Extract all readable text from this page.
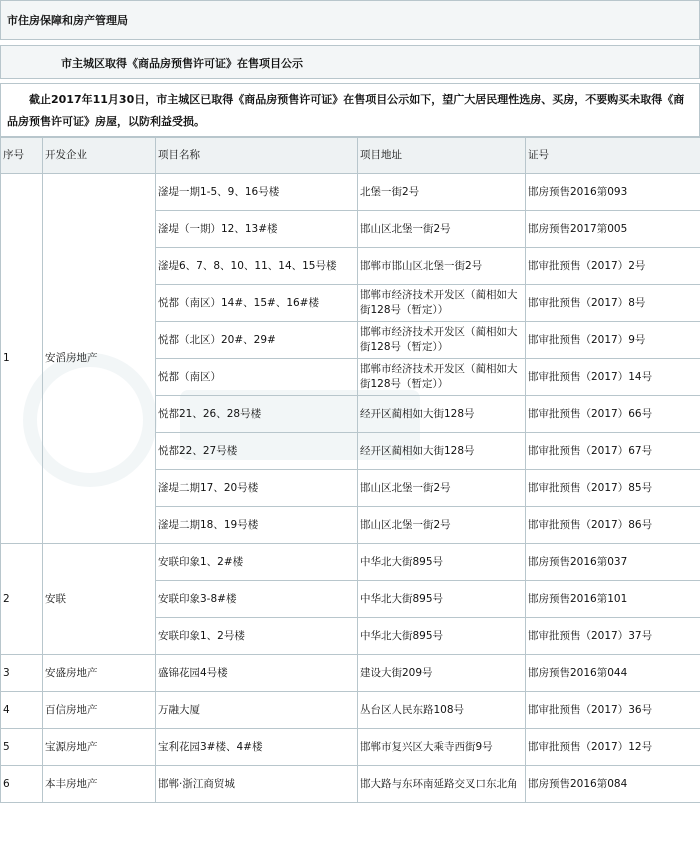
市住房保障和房产管理局
市主城区取得《商品房预售许可证》在售项目公示

截止2017年11月30日，市主城区已取得《商品房预售许可证》在售项目公示如下，望广大居民理性选房、买房，不要购买未取得《商品房预售许可证》房屋，以防利益受损。

序号	开发企业	项目名称	项目地址	证号
1	安滔房地产	滏堤一期1-5、9、16号楼	北堡一街2号	邯房预售2016第093
		滏堤（一期）12、13#楼	邯山区北堡一街2号	邯房预售2017第005
		滏堤6、7、8、10、11、14、15号楼	邯郸市邯山区北堡一街2号	邯审批预售（2017）2号
		悦都（南区）14#、15#、16#楼	邯郸市经济技术开发区（蔺相如大街128号（暂定））	邯审批预售（2017）8号
		悦都（北区）20#、29#	邯郸市经济技术开发区（蔺相如大街128号（暂定））	邯审批预售（2017）9号
		悦都（南区）	邯郸市经济技术开发区（蔺相如大街128号（暂定））	邯审批预售（2017）14号
		悦都21、26、28号楼	经开区蔺相如大街128号	邯审批预售（2017）66号
		悦都22、27号楼	经开区蔺相如大街128号	邯审批预售（2017）67号
		滏堤二期17、20号楼	邯山区北堡一街2号	邯审批预售（2017）85号
		滏堤二期18、19号楼	邯山区北堡一街2号	邯审批预售（2017）86号
2	安联	安联印象1、2#楼	中华北大街895号	邯房预售2016第037
		安联印象3-8#楼	中华北大街895号	邯房预售2016第101
		安联印象1、2号楼	中华北大街895号	邯审批预售（2017）37号
3	安盛房地产	盛锦花园4号楼	建设大街209号	邯房预售2016第044
4	百信房地产	万融大厦	丛台区人民东路108号	邯审批预售（2017）36号
5	宝源房地产	宝利花园3#楼、4#楼	邯郸市复兴区大乘寺西街9号	邯审批预售（2017）12号
6	本丰房地产	邯郸·浙江商贸城	邯大路与东环南延路交叉口东北角	邯房预售2016第084
